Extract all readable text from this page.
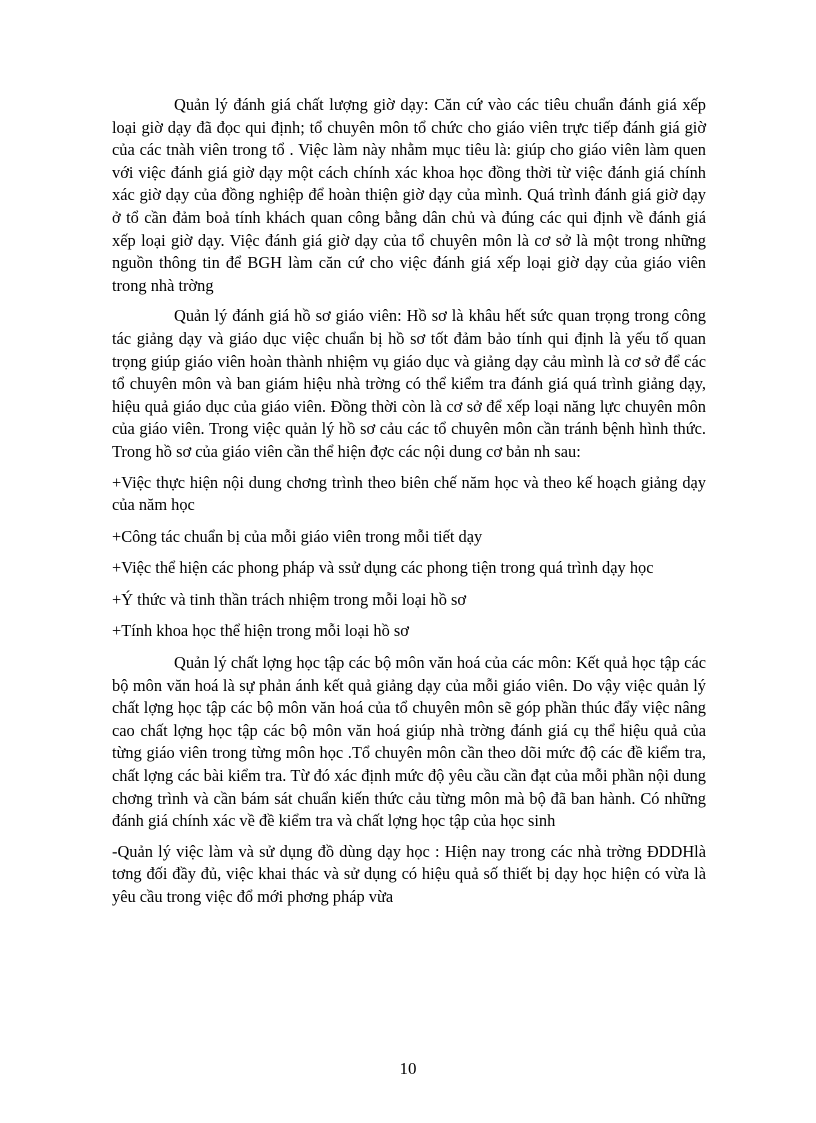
Quản lý đánh giá chất lượng giờ dạy: Căn cứ vào các tiêu chuẩn đánh giá xếp loại giờ dạy đã đọc qui định; tổ chuyên môn tổ chức cho giáo viên trực tiếp đánh giá giờ của các tnàh viên trong tổ . Việc làm này nhằm mục tiêu là: giúp cho giáo viên làm quen với việc đánh giá giờ dạy một cách chính xác khoa học đồng thời từ việc đánh giá chính xác giờ dạy của đồng nghiệp để hoàn thiện giờ dạy của mình. Quá trình đánh giá giờ dạy ở tổ cần đảm boả tính khách quan công bằng dân chủ và đúng các qui định về đánh giá xếp loại giờ dạy. Việc đánh giá giờ dạy của tổ chuyên môn là cơ sở là một trong những nguồn thông tin để BGH làm căn cứ cho việc đánh giá xếp loại giờ dạy của giáo viên trong nhà trờng

Quản lý đánh giá hồ sơ giáo viên: Hồ sơ là khâu hết sức quan trọng trong công tác giảng dạy và giáo dục việc chuẩn bị hồ sơ tốt đảm bảo tính qui định là yếu tố quan trọng giúp giáo viên hoàn thành nhiệm vụ giáo dục và giảng dạy cảu mình là cơ sở để các tổ chuyên môn và ban giám hiệu nhà trờng có thể kiểm tra đánh giá quá trình giảng dạy, hiệu quả giáo dục của giáo viên. Đồng thời còn là cơ sở để xếp loại năng lực chuyên môn của giáo viên. Trong việc quản lý hồ sơ cảu các tổ chuyên môn cần tránh bệnh hình thức. Trong hồ sơ của giáo viên cần thể hiện đợc các nội dung cơ bản nh sau:

+Việc thực hiện nội dung chơng trình theo biên chế năm học và theo kế hoạch giảng dạy của năm học

+Công tác chuẩn bị của mỗi giáo viên trong mỗi tiết dạy

+Việc thể hiện các phong pháp và ssử dụng các phong tiện trong quá trình dạy học

+Ý thức và tinh thần trách nhiệm trong mỗi loại hồ sơ

+Tính khoa học thể hiện trong mỗi loại hồ sơ

Quản lý chất lợng học tập các bộ môn văn hoá của các môn: Kết quả học tập các bộ môn văn hoá là sự phản ánh kết quả giảng dạy của mỗi giáo viên. Do vậy việc quản lý chất lợng học tập các bộ môn văn hoá của tổ chuyên môn sẽ góp phần thúc đẩy việc nâng cao chất lợng học tập các bộ môn văn hoá giúp nhà trờng đánh giá cụ thể hiệu quả của từng giáo viên trong từng môn học .Tổ chuyên môn cần theo dõi mức độ các đề kiểm tra, chất lợng các bài kiểm tra. Từ đó xác định mức độ yêu cầu cần đạt của mỗi phần nội dung chơng trình và cần bám sát chuẩn kiến thức cảu từng môn mà bộ đã ban hành. Có những đánh giá chính xác về đề kiểm tra và chất lợng học tập của học sinh

-Quản lý việc làm và sử dụng đồ dùng dạy học : Hiện nay trong các nhà trờng ĐDDHlà tơng đối đầy đủ, việc khai thác và sử dụng có hiệu quả số thiết bị dạy học hiện có vừa là yêu cầu trong việc đổ mới phơng pháp vừa

10
